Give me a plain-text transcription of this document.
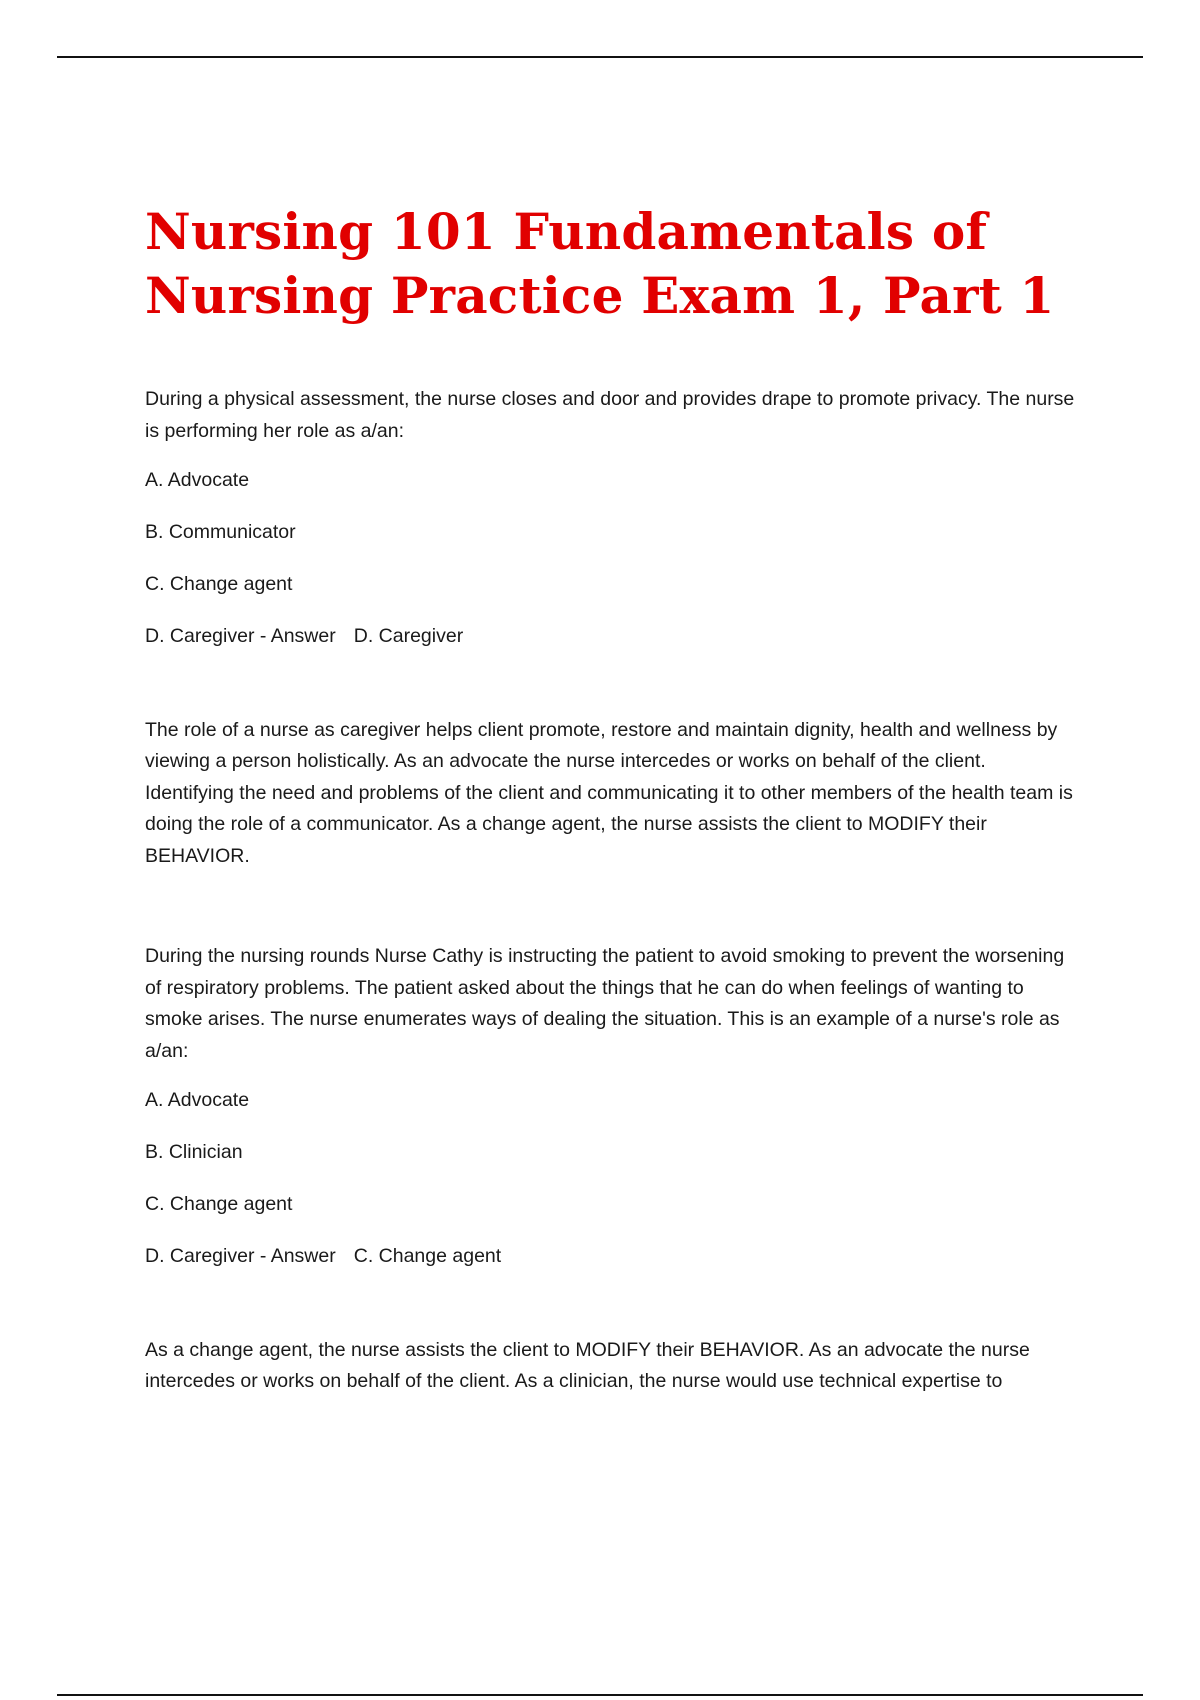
Nursing 101 Fundamentals of Nursing Practice Exam 1, Part 1

During a physical assessment, the nurse closes and door and provides drape to promote privacy. The nurse is performing her role as a/an:

A. Advocate

B. Communicator

C. Change agent

D. Caregiver - Answer D. Caregiver

The role of a nurse as caregiver helps client promote, restore and maintain dignity, health and wellness by viewing a person holistically. As an advocate the nurse intercedes or works on behalf of the client. Identifying the need and problems of the client and communicating it to other members of the health team is doing the role of a communicator. As a change agent, the nurse assists the client to MODIFY their BEHAVIOR.

During the nursing rounds Nurse Cathy is instructing the patient to avoid smoking to prevent the worsening of respiratory problems. The patient asked about the things that he can do when feelings of wanting to smoke arises. The nurse enumerates ways of dealing the situation. This is an example of a nurse's role as a/an:

A. Advocate

B. Clinician

C. Change agent

D. Caregiver - Answer C. Change agent

As a change agent, the nurse assists the client to MODIFY their BEHAVIOR. As an advocate the nurse intercedes or works on behalf of the client. As a clinician, the nurse would use technical expertise to
